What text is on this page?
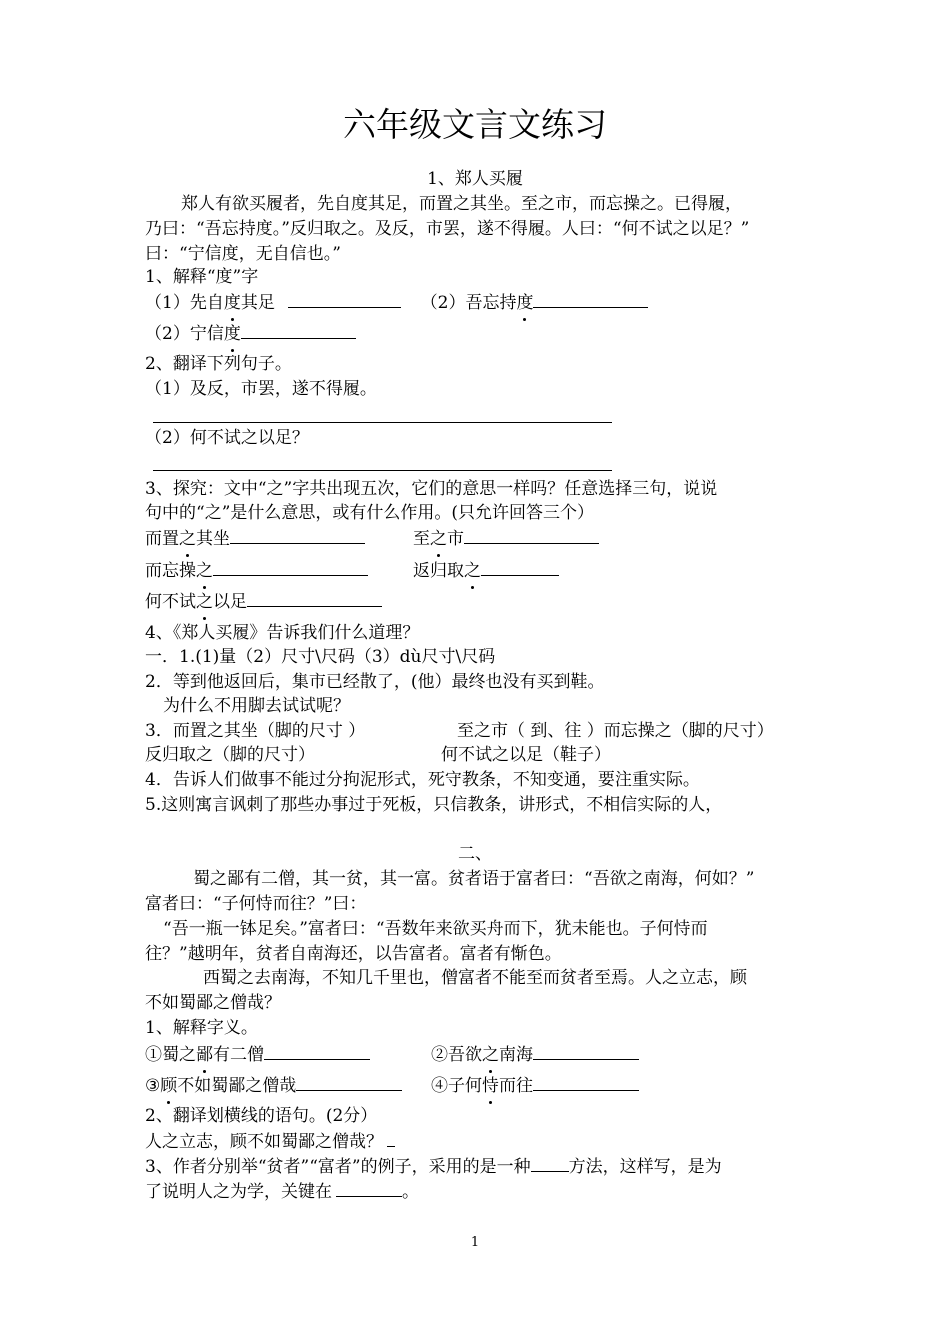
六年级文言文练习
1、郑人买履
郑人有欲买履者，先自度其足，而置之其坐。至之市，而忘操之。已得履，
乃曰：“吾忘持度。”反归取之。及反，市罢，遂不得履。人曰：“何不试之以足？”
曰：“宁信度，无自信也。”
1、解释“度”字
（1）先自度其足	（2）吾忘持度
（2）宁信度
2、翻译下列句子。
（1）及反，市罢，遂不得履。
（2）何不试之以足？
3、探究：文中“之”字共出现五次，它们的意思一样吗？任意选择三句，说说
句中的“之”是什么意思，或有什么作用。(只允许回答三个）
而置之其坐	至之市
而忘操之	返归取之
何不试之以足
4、《郑人买履》告诉我们什么道理？
一．1.(1)量（2）尺寸\尺码（3）dù尺寸\尺码
2．等到他返回后，集市已经散了，(他）最终也没有买到鞋。
为什么不用脚去试试呢？
3．而置之其坐（脚的尺寸 ）	至之市（ 到、往 ）而忘操之（脚的尺寸）
反归取之（脚的尺寸）	何不试之以足（鞋子）
4．告诉人们做事不能过分拘泥形式，死守教条，不知变通，要注重实际。
5.这则寓言讽刺了那些办事过于死板，只信教条，讲形式，不相信实际的人，
二、
蜀之鄙有二僧，其一贫，其一富。贫者语于富者曰：“吾欲之南海，何如？”
富者曰：“子何恃而往？”曰：
“吾一瓶一钵足矣。”富者曰：“吾数年来欲买舟而下，犹未能也。子何恃而
往？”越明年，贫者自南海还，以告富者。富者有惭色。
西蜀之去南海，不知几千里也，僧富者不能至而贫者至焉。人之立志，顾
不如蜀鄙之僧哉？
1、解释字义。
①蜀之鄙有二僧	②吾欲之南海
③顾不如蜀鄙之僧哉	④子何恃而往
2、翻译划横线的语句。(2分）
人之立志，顾不如蜀鄙之僧哉？
3、作者分别举“贫者”“富者”的例子，采用的是一种 方法，这样写，是为
了说明人之为学，关键在	。
1
